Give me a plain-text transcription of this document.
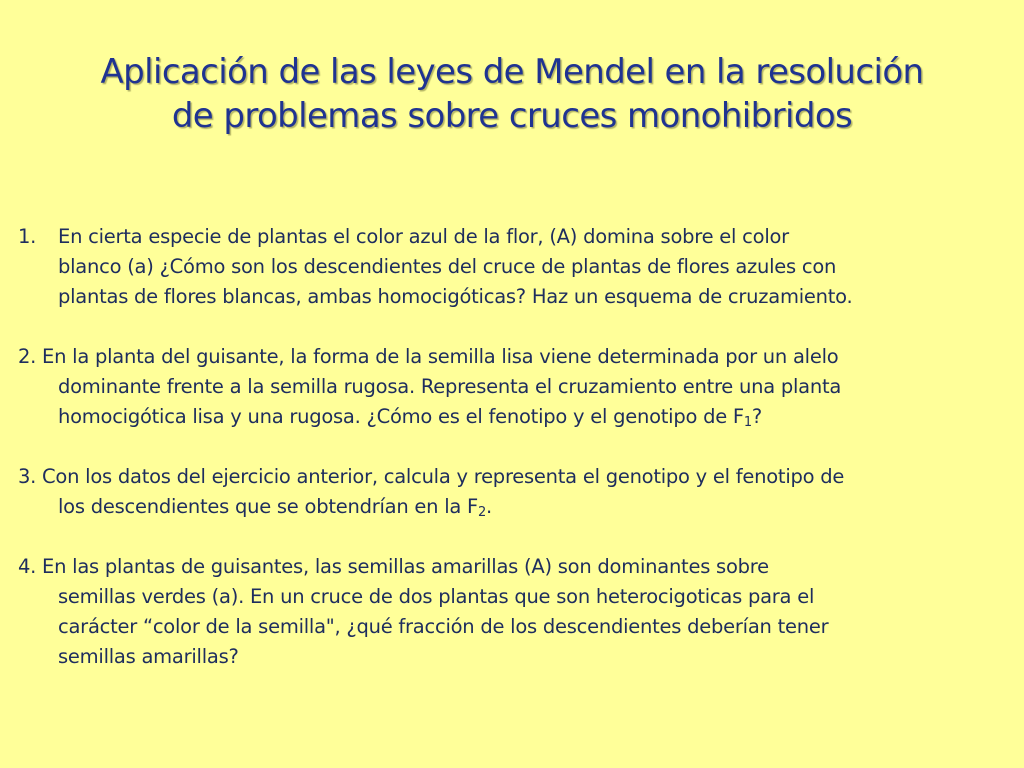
Aplicación de las leyes de Mendel en la resolución
de problemas sobre cruces monohibridos
1. En cierta especie de plantas el color azul de la flor, (A) domina sobre el color
blanco (a) ¿Cómo son los descendientes del cruce de plantas de flores azules con
plantas de flores blancas, ambas homocigóticas? Haz un esquema de cruzamiento.
2. En la planta del guisante, la forma de la semilla lisa viene determinada por un alelo
dominante frente a la semilla rugosa. Representa el cruzamiento entre una planta
homocigótica lisa y una rugosa. ¿Cómo es el fenotipo y el genotipo de $F_1$?
3. Con los datos del ejercicio anterior, calcula y representa el genotipo y el fenotipo de
los descendientes que se obtendrían en la $F_2$.
4. En las plantas de guisantes, las semillas amarillas (A) son dominantes sobre
semillas verdes (a). En un cruce de dos plantas que son heterocigoticas para el
carácter “color de la semilla", ¿qué fracción de los descendientes deberían tener
semillas amarillas?
